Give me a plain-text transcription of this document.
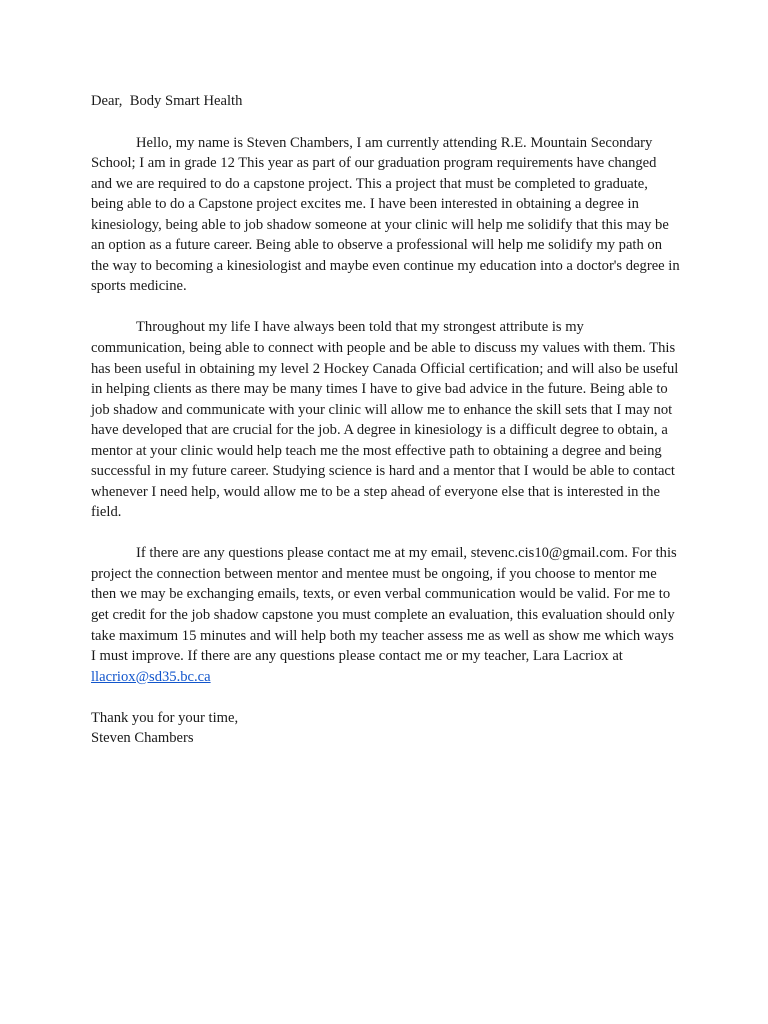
Dear,  Body Smart Health

Hello, my name is Steven Chambers, I am currently attending R.E. Mountain Secondary School; I am in grade 12 This year as part of our graduation program requirements have changed and we are required to do a capstone project. This a project that must be completed to graduate, being able to do a Capstone project excites me. I have been interested in obtaining a degree in kinesiology, being able to job shadow someone at your clinic will help me solidify that this may be an option as a future career. Being able to observe a professional will help me solidify my path on the way to becoming a kinesiologist and maybe even continue my education into a doctor's degree in sports medicine.

Throughout my life I have always been told that my strongest attribute is my communication, being able to connect with people and be able to discuss my values with them. This has been useful in obtaining my level 2 Hockey Canada Official certification; and will also be useful in helping clients as there may be many times I have to give bad advice in the future. Being able to job shadow and communicate with your clinic will allow me to enhance the skill sets that I may not have developed that are crucial for the job. A degree in kinesiology is a difficult degree to obtain, a mentor at your clinic would help teach me the most effective path to obtaining a degree and being successful in my future career. Studying science is hard and a mentor that I would be able to contact whenever I need help, would allow me to be a step ahead of everyone else that is interested in the field.

If there are any questions please contact me at my email, stevenc.cis10@gmail.com. For this project the connection between mentor and mentee must be ongoing, if you choose to mentor me then we may be exchanging emails, texts, or even verbal communication would be valid. For me to get credit for the job shadow capstone you must complete an evaluation, this evaluation should only take maximum 15 minutes and will help both my teacher assess me as well as show me which ways I must improve. If there are any questions please contact me or my teacher, Lara Lacriox at llacriox@sd35.bc.ca

Thank you for your time,

Steven Chambers
